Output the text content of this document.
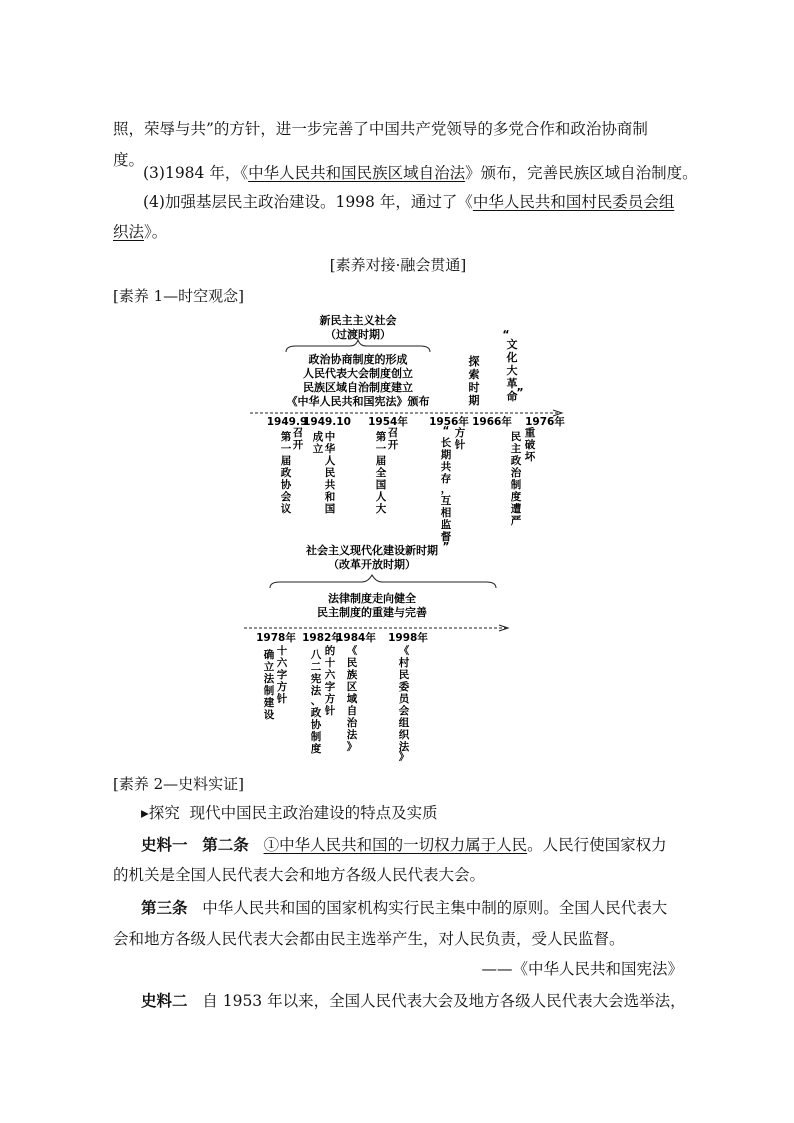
照，荣辱与共”的方针，进一步完善了中国共产党领导的多党合作和政治协商制
度。
(3)1984 年，《中华人民共和国民族区域自治法》颁布，完善民族区域自治制度。
(4)加强基层民主政治建设。1998 年，通过了《中华人民共和国村民委员会组
织法》。
[素养对接·融会贯通]
[素养 1—时空观念]
新民主主义社会
（过渡时期）
政治协商制度的形成
人民代表大会制度创立
民族区域自治制度建立
《中华人民共和国宪法》颁布
探
索
时
期
“
文
化
大
革
命
”
1949.9
1949.10 1954年 1956年 1966年 1976年
第
一
届
政
协
会
议
召
开
成
立
中
华
人
民
共
和
国
召
开
第
一
届
全
国
人
大
方
针
“
长
期
共
存
，
互
相
监
督
”
重
破
坏
民
主
政
治
制
度
遭
严
社会主义现代化建设新时期
（改革开放时期）
法律制度走向健全
民主制度的重建与完善
1978年 1982年
1984年 1998年
十
六
字
方
针
确
立
法
制
建
设
八
二
宪
法
、
政
协
制
度
的
十
六
字
方
针
《
民
族
区
域
自
治
法
》
《
村
民
委
员
会
组
织
法
》
[素养 2—史料实证]
▸探究 现代中国民主政治建设的特点及实质
史料一 第二条 ①中华人民共和国的一切权力属于人民。人民行使国家权力
的机关是全国人民代表大会和地方各级人民代表大会。
第三条 中华人民共和国的国家机构实行民主集中制的原则。全国人民代表大
会和地方各级人民代表大会都由民主选举产生，对人民负责，受人民监督。
——《中华人民共和国宪法》
史料二 自 1953 年以来，全国人民代表大会及地方各级人民代表大会选举法，
